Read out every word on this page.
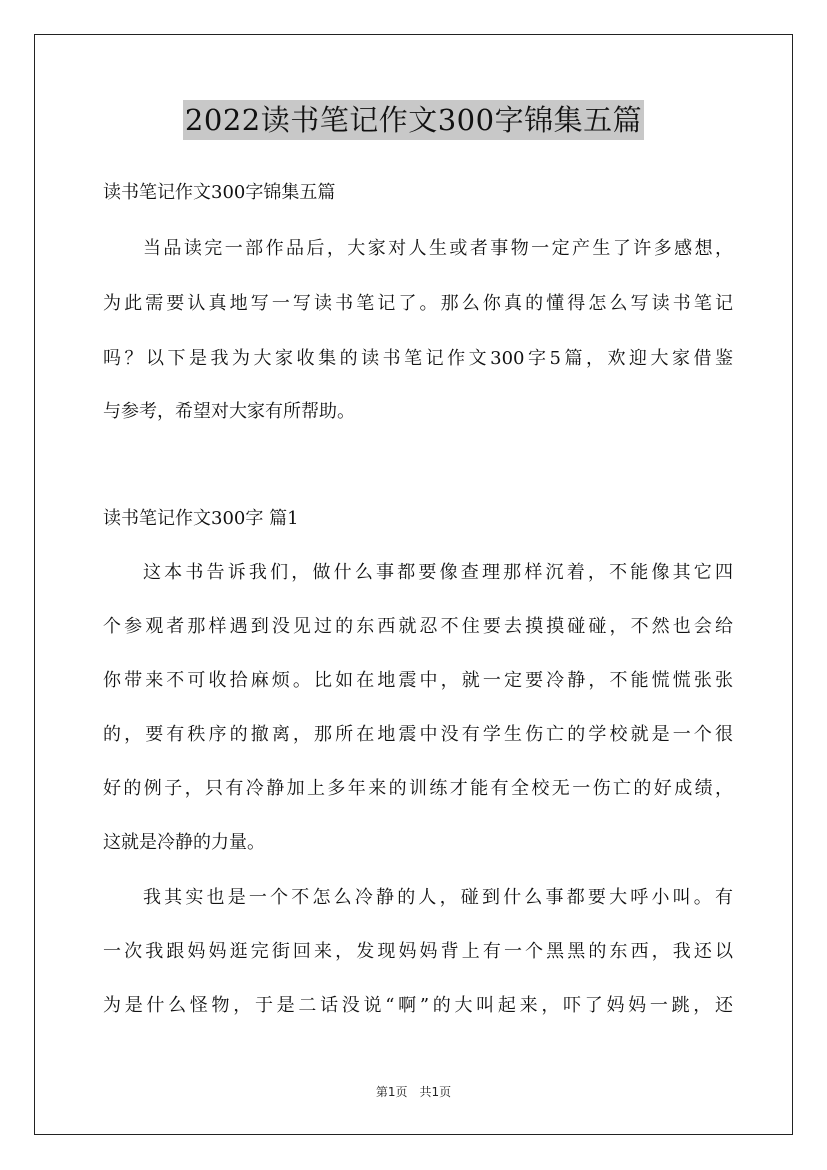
2022读书笔记作文300字锦集五篇
读书笔记作文300字锦集五篇
当品读完一部作品后，大家对人生或者事物一定产生了许多感想，
为此需要认真地写一写读书笔记了。那么你真的懂得怎么写读书笔记
吗？以下是我为大家收集的读书笔记作文300字5篇，欢迎大家借鉴
与参考，希望对大家有所帮助。
读书笔记作文300字 篇1
这本书告诉我们，做什么事都要像查理那样沉着，不能像其它四
个参观者那样遇到没见过的东西就忍不住要去摸摸碰碰，不然也会给
你带来不可收拾麻烦。比如在地震中，就一定要冷静，不能慌慌张张
的，要有秩序的撤离，那所在地震中没有学生伤亡的学校就是一个很
好的例子，只有冷静加上多年来的训练才能有全校无一伤亡的好成绩，
这就是冷静的力量。
我其实也是一个不怎么冷静的人，碰到什么事都要大呼小叫。有
一次我跟妈妈逛完街回来，发现妈妈背上有一个黑黑的东西，我还以
为是什么怪物，于是二话没说“啊”的大叫起来，吓了妈妈一跳，还
第1页 共1页
